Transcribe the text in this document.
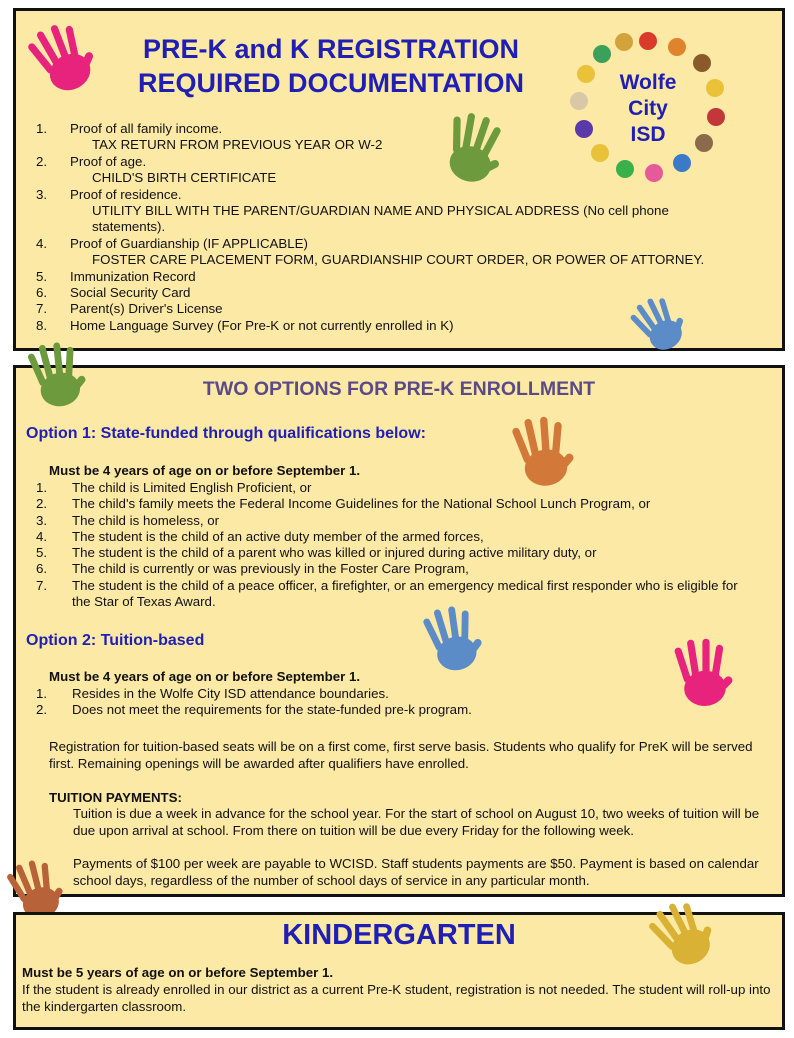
PRE-K and K REGISTRATION
REQUIRED DOCUMENTATION	Wolfe
City
ISD
1. Proof of all family income.
TAX RETURN FROM PREVIOUS YEAR OR W-2
2. Proof of age.
CHILD'S BIRTH CERTIFICATE
3. Proof of residence.
UTILITY BILL WITH THE PARENT/GUARDIAN NAME AND PHYSICAL ADDRESS (No cell phone statements).
4. Proof of Guardianship (IF APPLICABLE)
FOSTER CARE PLACEMENT FORM, GUARDIANSHIP COURT ORDER, OR POWER OF ATTORNEY.
5. Immunization Record
6. Social Security Card
7. Parent(s) Driver's License
8. Home Language Survey (For Pre-K or not currently enrolled in K)
TWO OPTIONS FOR PRE-K ENROLLMENT
Option 1: State-funded through qualifications below:
Must be 4 years of age on or before September 1.
1. The child is Limited English Proficient, or
2. The child's family meets the Federal Income Guidelines for the National School Lunch Program, or
3. The child is homeless, or
4. The student is the child of an active duty member of the armed forces,
5. The student is the child of a parent who was killed or injured during active military duty, or
6. The child is currently or was previously in the Foster Care Program,
7. The student is the child of a peace officer, a firefighter, or an emergency medical first responder who is eligible for the Star of Texas Award.
Option 2: Tuition-based
Must be 4 years of age on or before September 1.
1. Resides in the Wolfe City ISD attendance boundaries.
2. Does not meet the requirements for the state-funded pre-k program.
Registration for tuition-based seats will be on a first come, first serve basis. Students who qualify for PreK will be served first. Remaining openings will be awarded after qualifiers have enrolled.
TUITION PAYMENTS:
Tuition is due a week in advance for the school year. For the start of school on August 10, two weeks of tuition will be due upon arrival at school. From there on tuition will be due every Friday for the following week.
Payments of $100 per week are payable to WCISD. Staff students payments are $50. Payment is based on calendar school days, regardless of the number of school days of service in any particular month.
KINDERGARTEN
Must be 5 years of age on or before September 1.
If the student is already enrolled in our district as a current Pre-K student, registration is not needed. The student will roll-up into the kindergarten classroom.
